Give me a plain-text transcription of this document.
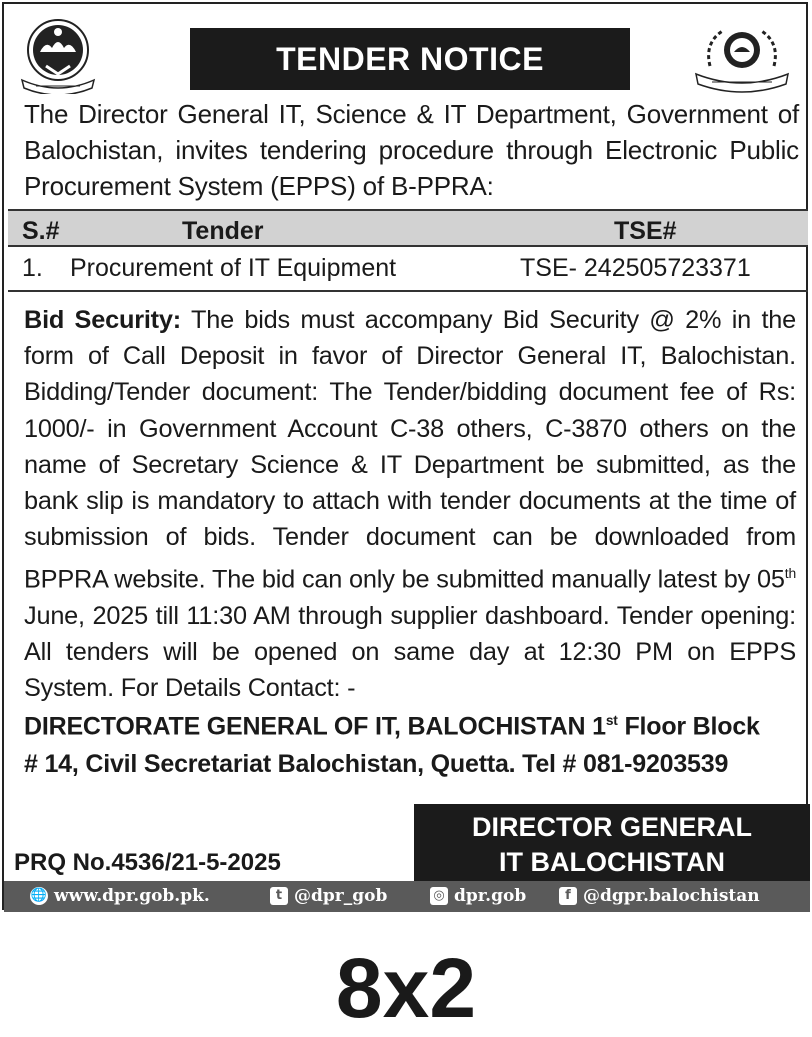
TENDER NOTICE
The Director General IT, Science & IT Department, Government of Balochistan, invites tendering procedure through Electronic Public Procurement System (EPPS) of B-PPRA:
S.#	Tender	TSE#
1. Procurement of IT Equipment	TSE- 242505723371
Bid Security: The bids must accompany Bid Security @ 2% in the form of Call Deposit in favor of Director General IT, Balochistan. Bidding/Tender document: The Tender/bidding document fee of Rs: 1000/- in Government Account C-38 others, C-3870 others on the name of Secretary Science & IT Department be submitted, as the bank slip is mandatory to attach with tender documents at the time of submission of bids. Tender document can be downloaded from BPPRA website. The bid can only be submitted manually latest by 05th June, 2025 till 11:30 AM through supplier dashboard. Tender opening: All tenders will be opened on same day at 12:30 PM on EPPS System. For Details Contact: -
DIRECTORATE GENERAL OF IT, BALOCHISTAN 1st Floor Block
# 14, Civil Secretariat Balochistan, Quetta. Tel # 081-9203539
PRQ No.4536/21-5-2025
DIRECTOR GENERAL
IT BALOCHISTAN
🌐 www.dpr.gob.pk.	t @dpr_gob	◎ dpr.gob	f @dgpr.balochistan
8x2
